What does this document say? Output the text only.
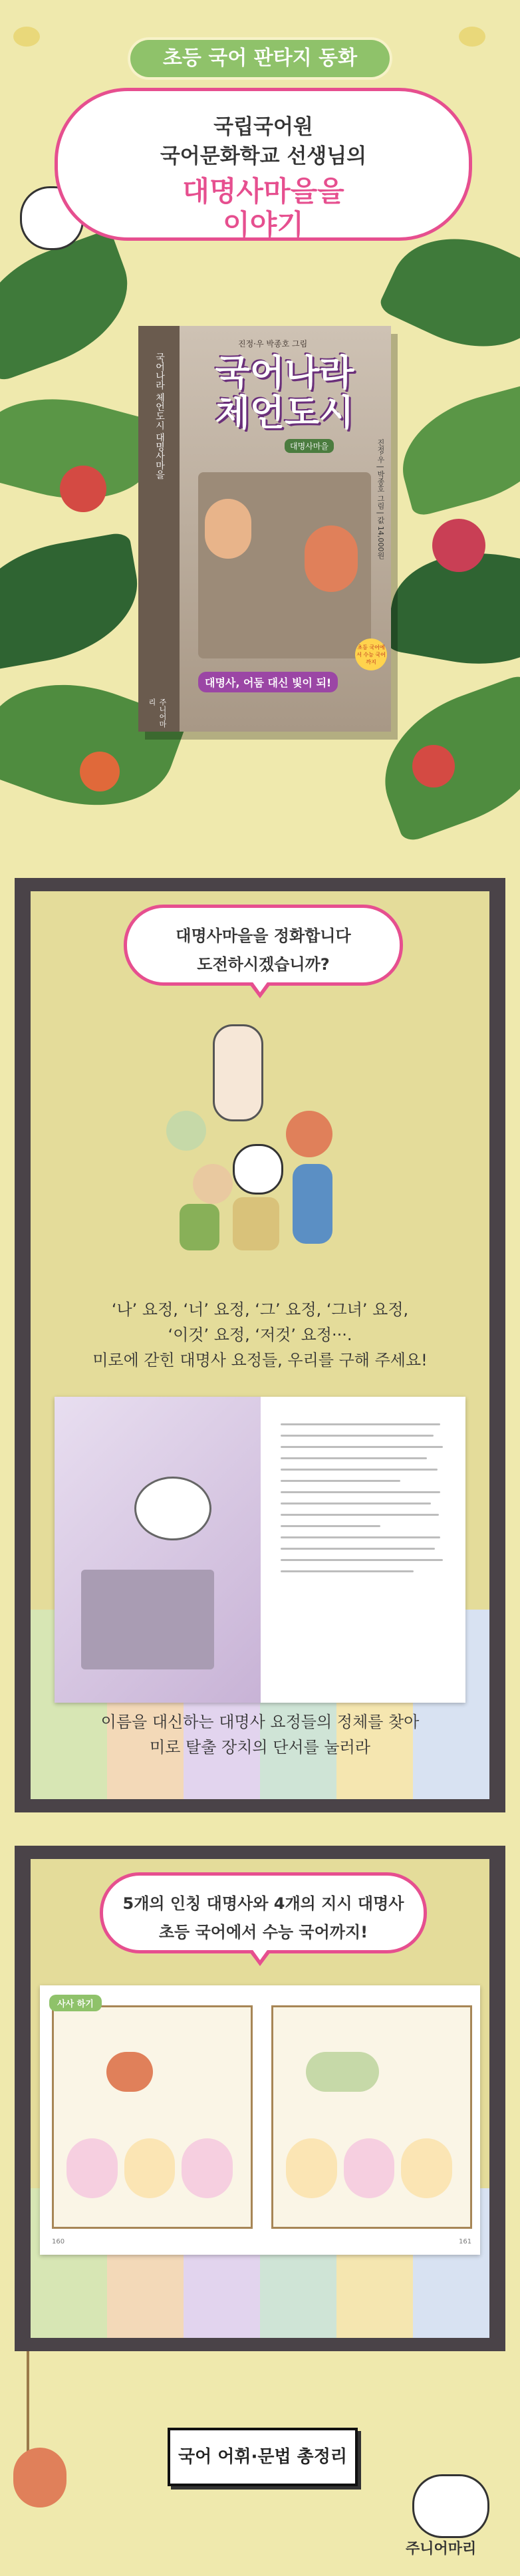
초등 국어 판타지 동화
국립국어원
국어문화학교 선생님의
대명사마을을
이야기
국어나라 체언도시 대명사마을
주니어마리
진정·우 박종호 그림
국어나라
체언도시
대명사마을
대명사, 어둠 대신 빛이 되!
진정·우 | 박종호 그림 | 값 14,000원
초등 국어에서 수능 국어까지
대명사마을을 정화합니다
도전하시겠습니까?
‘나’ 요정, ‘너’ 요정, ‘그’ 요정, ‘그녀’ 요정,
‘이것’ 요정, ‘저것’ 요정···.
미로에 갇힌 대명사 요정들, 우리를 구해 주세요!
이름을 대신하는 대명사 요정들의 정체를 찾아
미로 탈출 장치의 단서를 눌러라
5개의 인칭 대명사와 4개의 지시 대명사
초등 국어에서 수능 국어까지!
사사 하기
160	161
국어 어휘·문법 총정리
주니어마리
